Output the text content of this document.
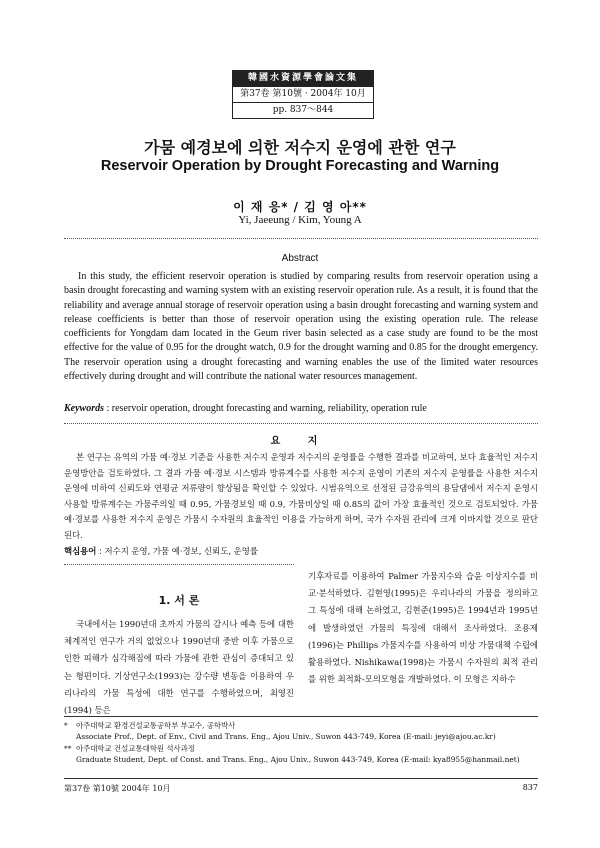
韓國水資源學會論文集
第37卷 第10號 · 2004年 10月
pp. 837～844
가뭄 예경보에 의한 저수지 운영에 관한 연구
Reservoir Operation by Drought Forecasting and Warning
이 재 응* / 김 영 아**
Yi, Jaeeung / Kim, Young A
Abstract

In this study, the efficient reservoir operation is studied by comparing results from reservoir operation using a basin drought forecasting and warning system with an existing reservoir operation rule. As a result, it is found that the reliability and average annual storage of reservoir operation using a basin drought forecasting and warning system and release coefficients is better than those of reservoir operation using the existing operation rule. The release coefficients for Yongdam dam located in the Geum river basin selected as a case study are found to be the most effective for the value of 0.95 for the drought watch, 0.9 for the drought warning and 0.85 for the drought emergency. The reservoir operation using a drought forecasting and warning enables the use of the limited water resources effectively during drought and will contribute the national water resources management.

Keywords : reservoir operation, drought forecasting and warning, reliability, operation rule
요 지

본 연구는 유역의 가뭄 예·경보 기준을 사용한 저수지 운영과 저수지의 운영률을 수행한 결과를 비교하여, 보다 효율적인 저수지 운영방안을 검토하였다. 그 결과 가뭄 예·경보 시스템과 방류계수를 사용한 저수지 운영이 기존의 저수지 운영률을 사용한 저수지 운영에 비하여 신뢰도와 연평균 저류량이 향상됨을 확인할 수 있었다. 시범유역으로 선정된 금강유역의 용담댐에서 저수지 운영시 사용할 방류계수는 가뭄주의일 때 0.95, 가뭄경보일 때 0.9, 가뭄비상일 때 0.85의 값이 가장 효율적인 것으로 검토되었다. 가뭄 예·경보를 사용한 저수지 운영은 가뭄시 수자원의 효율적인 이용을 가능하게 하며, 국가 수자원 관리에 크게 이바지할 것으로 판단된다.

핵심용어 : 저수지 운영, 가뭄 예·경보, 신뢰도, 운영률
1. 서 론

국내에서는 1990년대 초까지 가뭄의 감시나 예측 등에 대한 체계적인 연구가 거의 없었으나 1990년대 중반 이후 가뭄으로 인한 피해가 심각해짐에 따라 가뭄에 관한 관심이 증대되고 있는 형편이다. 기상연구소(1993)는 강수량 변동을 이용하여 우리나라의 가뭄 특성에 대한 연구를 수행하였으며, 최영진(1994) 등은

기후자료를 이용하여 Palmer 가뭄지수와 습윤 이상지수를 비교·분석하였다. 김현영(1995)은 우리나라의 가뭄을 정의하고 그 특성에 대해 논하였고, 김현준(1995)은 1994년과 1995년에 발생하였던 가뭄의 특징에 대해서 조사하였다. 조용제(1996)는 Phillips 가뭄지수를 사용하여 비상 가뭄대책 수립에 활용하였다. Nishikawa(1998)는 가뭄시 수자원의 최적 관리를 위한 최적화-모의모형을 개발하였다. 이 모형은 지하수

* 아주대학교 환경건설교통공학부 부교수, 공학박사
Associate Prof., Dept. of Env., Civil and Trans. Eng., Ajou Univ., Suwon 443-749, Korea (E-mail: jeyi@ajou.ac.kr)
** 아주대학교 건설교통대학원 석사과정
Graduate Student, Dept. of Const. and Trans. Eng., Ajou Univ., Suwon 443-749, Korea (E-mail: kya8955@hanmail.net)
第37卷 第10號 2004年 10月	837
